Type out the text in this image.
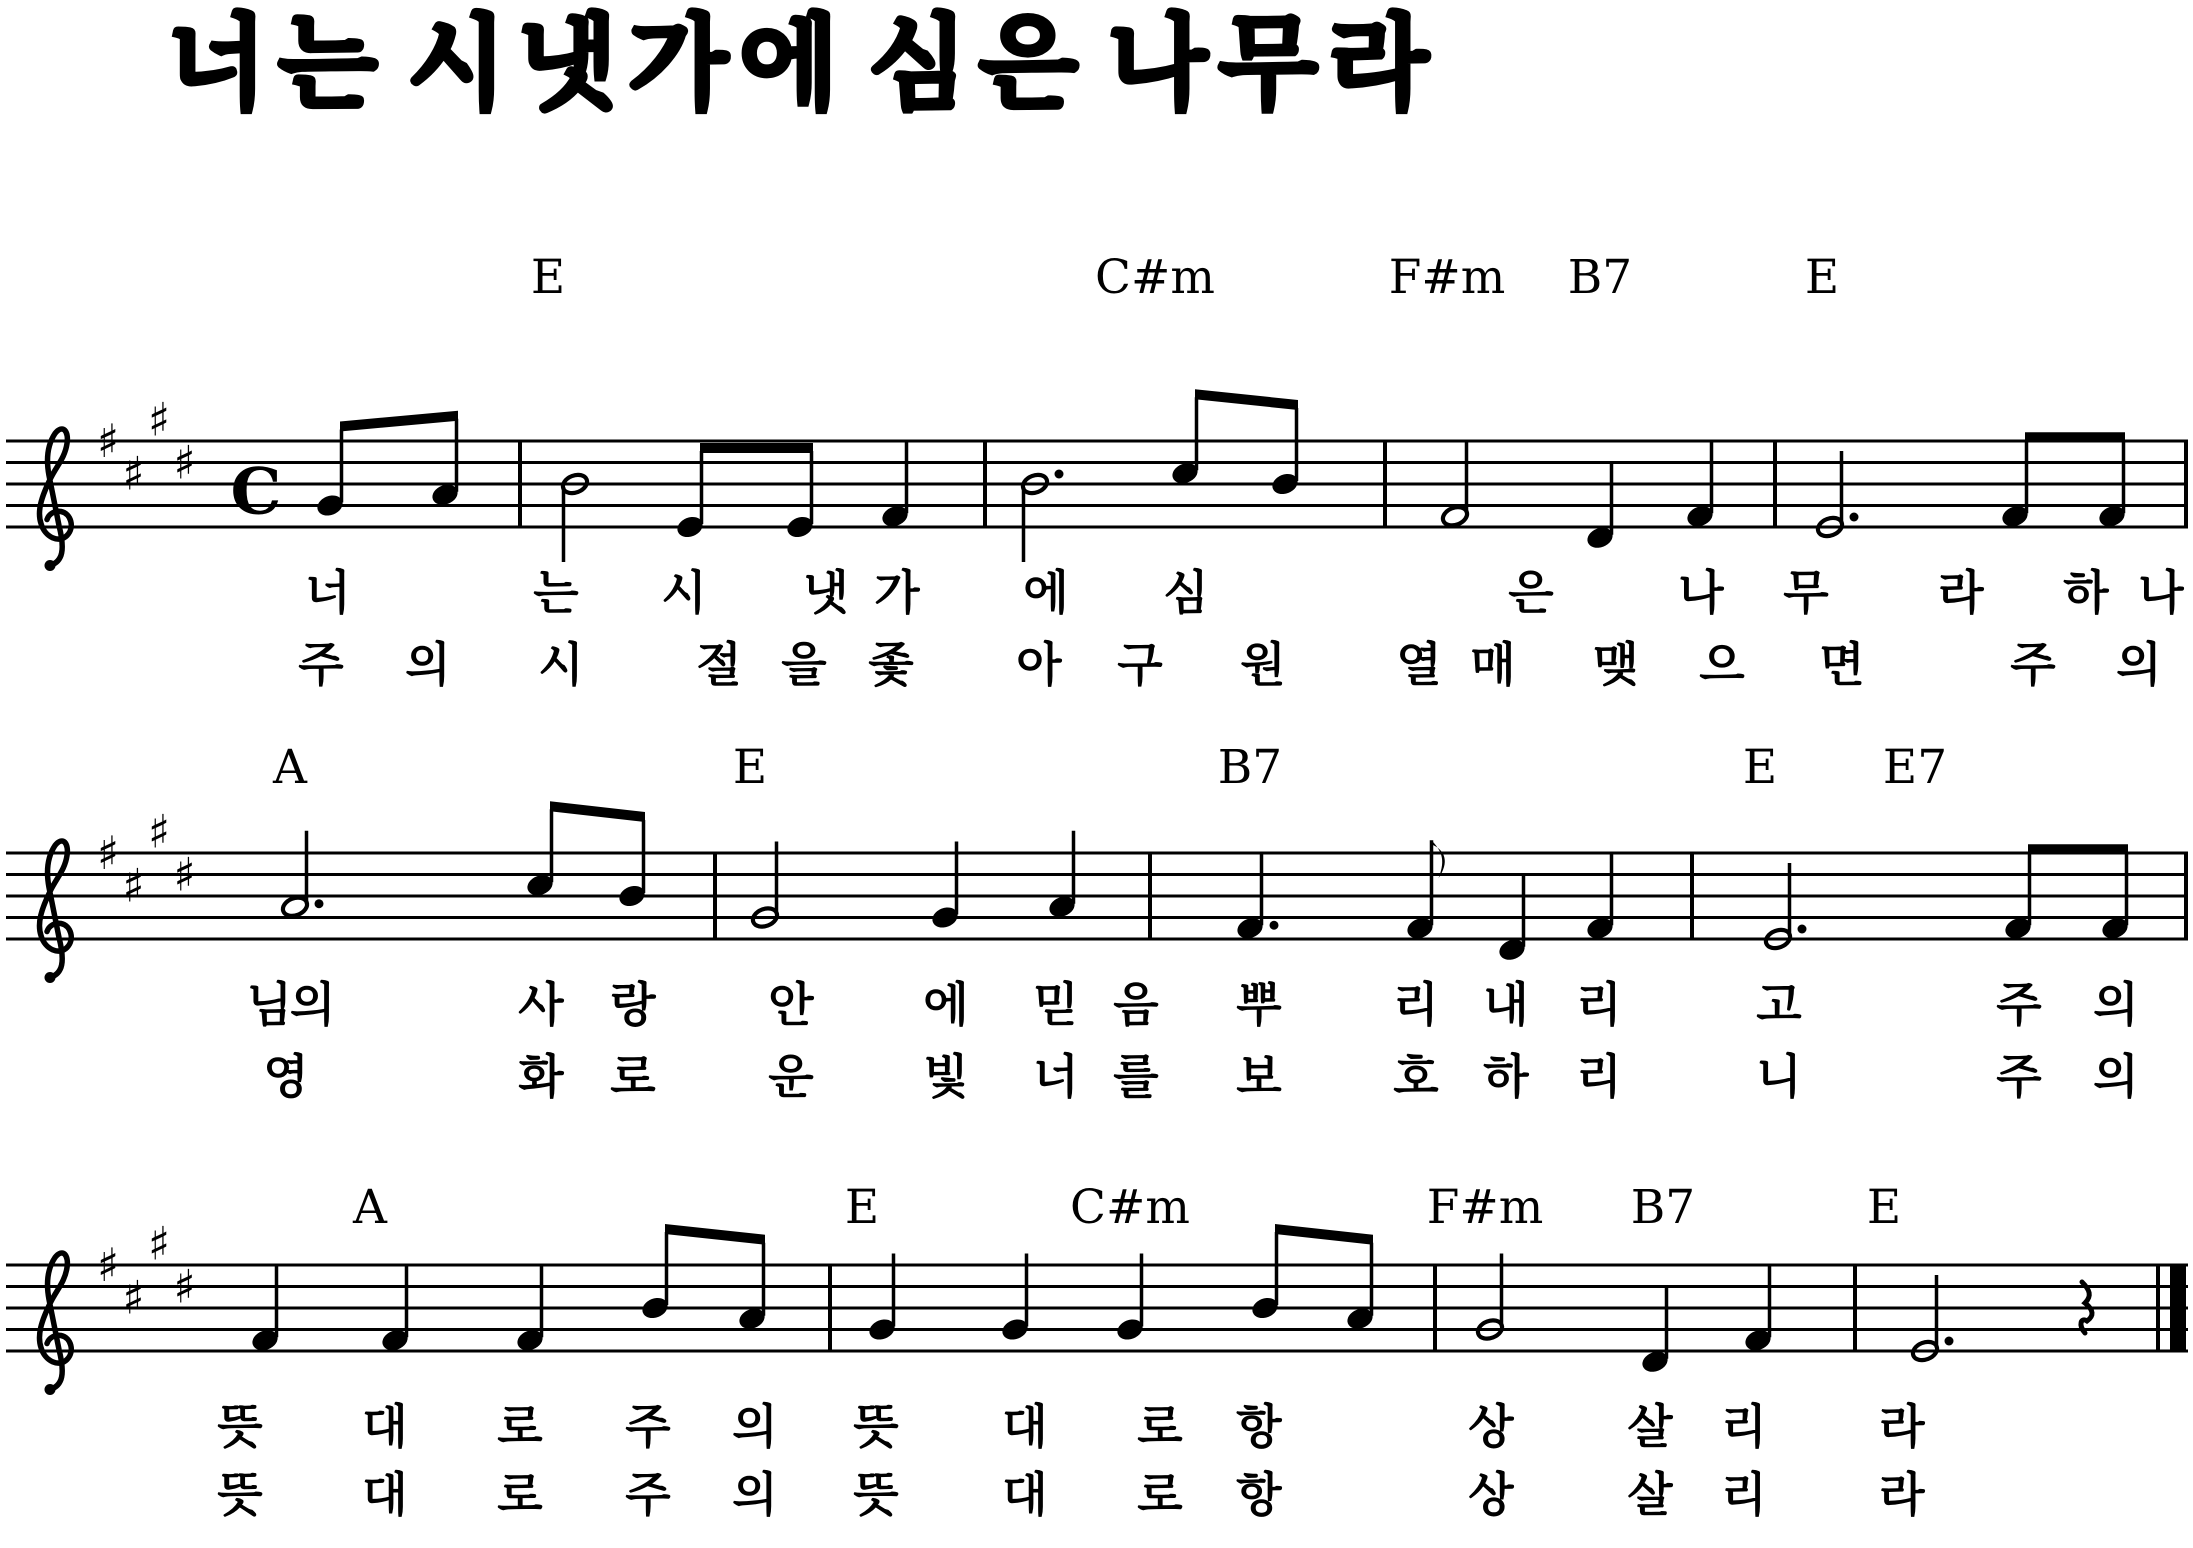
너는 시냇가에 심은 나무라
♯
♯
♯
♯ C
♯
♯
♯
♯
♯
♯
♯
♯
E	C#m	F#m B7	E
너	는 시 냇 가 에 심	은	나 무 라 하 나
주 의 시 절 을 좇 아 구 원 열 매 맺 으 면	주 의
A	E	B7	E E7
님의	사 랑 안 에 믿 음 뿌 리 내 리	고	주 의
영	화 로 운 빛 너 를 보 호 하 리	니	주 의
A	E	C#m	F#m B7	E
뜻 대 로 주 의 뜻 대 로 항	상 살 리 라
뜻 대 로 주 의 뜻 대 로 항	상 살 리 라
